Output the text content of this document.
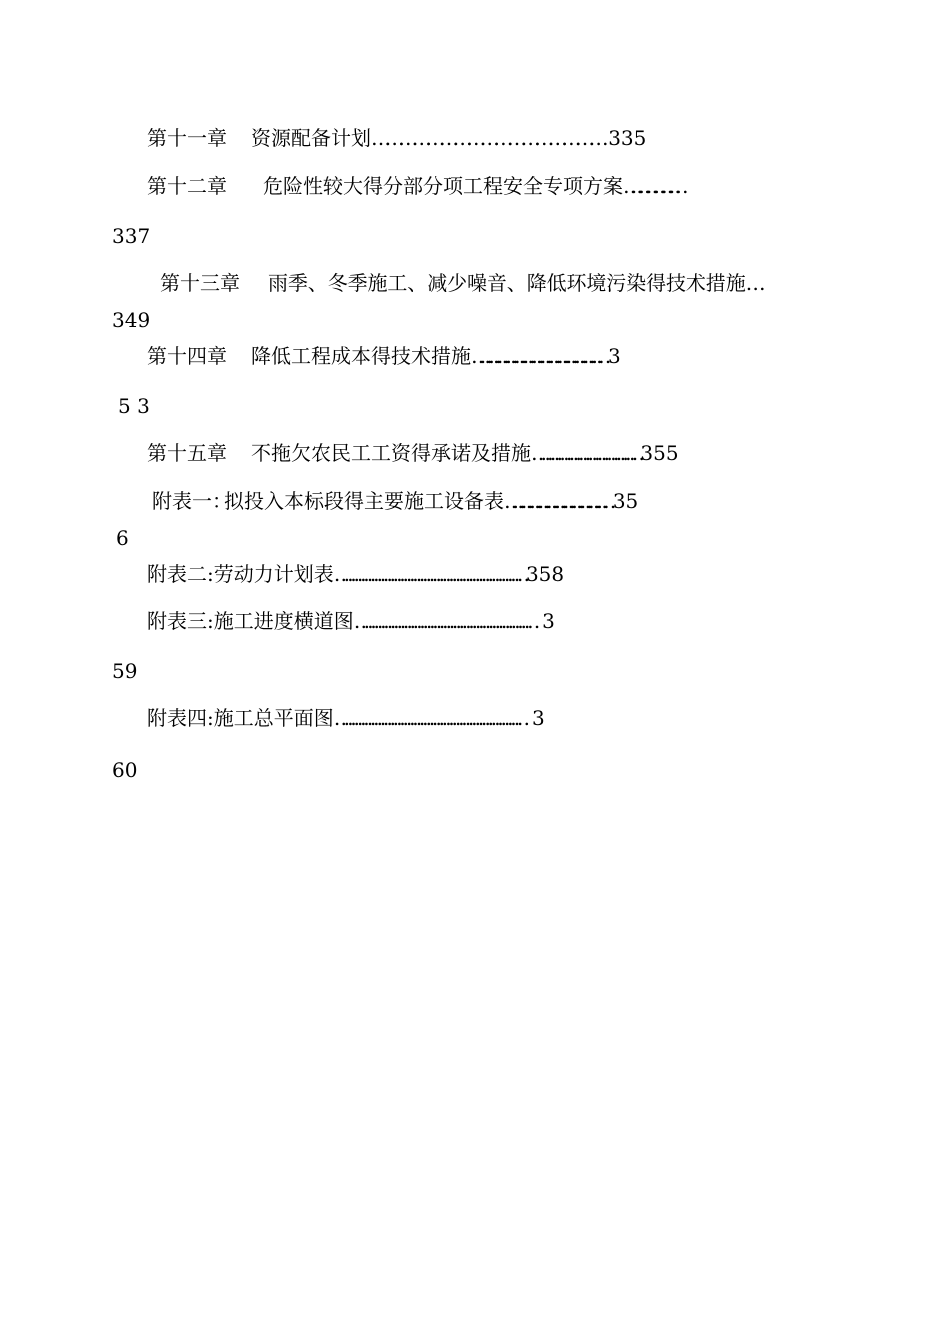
第十一章 资源配备计划…………………………………………… 335
第十二章 危险性较大得分部分项工程安全专项方案…………………
337
第十三章 雨季、冬季施工、减少噪音、降低环境污染得技术措施…
349
第十四章 降低工程成本得技术措施……………………………………… 3
5 3
第十五章 不拖欠农民工工资得承诺及措施…………………………… 355
附表一：拟投入本标段得主要施工设备表……………………………… 35
6
附表二:劳动力计划表………………………………………………… 358
附表三:施工进度横道图……………………………………………… 3
59
附表四:施工总平面图………………………………………………… 3
60
